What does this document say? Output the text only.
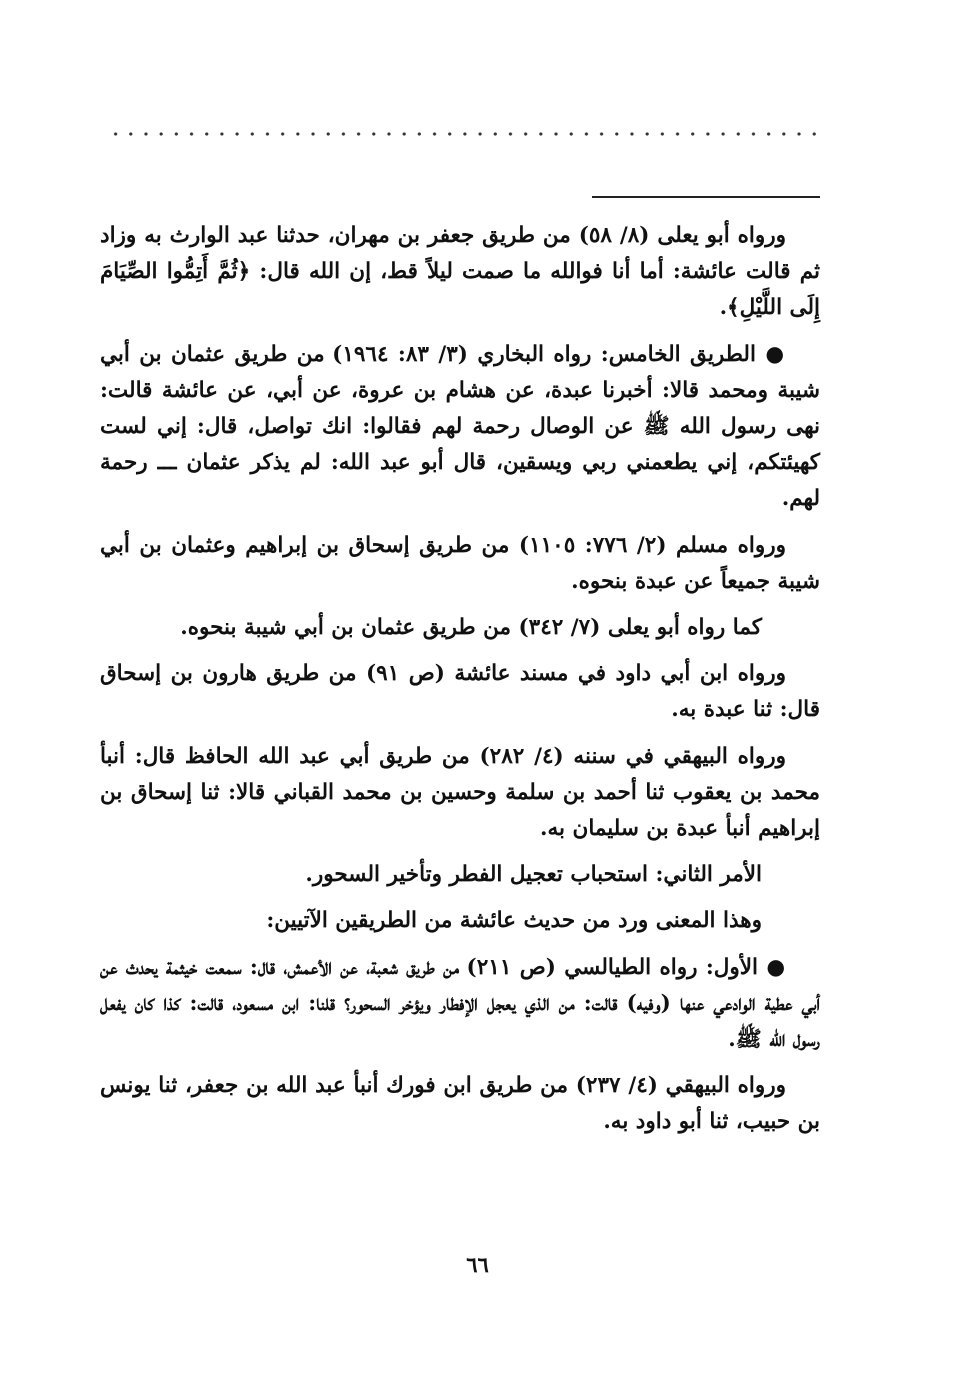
ورواه أبو يعلى (٨/ ٥٨) من طريق جعفر بن مهران، حدثنا عبد الوارث به وزاد ثم قالت عائشة: أما أنا فوالله ما صمت ليلاً قط، إن الله قال: ﴿ثُمَّ أَتِمُّوا الصِّيَامَ إِلَى اللَّيْلِ﴾.

● الطريق الخامس: رواه البخاري (٣/ ٨٣: ١٩٦٤) من طريق عثمان بن أبي شيبة ومحمد قالا: أخبرنا عبدة، عن هشام بن عروة، عن أبي، عن عائشة قالت: نهى رسول الله ﷺ عن الوصال رحمة لهم فقالوا: انك تواصل، قال: إني لست كهيئتكم، إني يطعمني ربي ويسقين، قال أبو عبد الله: لم يذكر عثمان ـــ رحمة لهم.

ورواه مسلم (٢/ ٧٧٦: ١١٠٥) من طريق إسحاق بن إبراهيم وعثمان بن أبي شيبة جميعاً عن عبدة بنحوه.

كما رواه أبو يعلى (٧/ ٣٤٢) من طريق عثمان بن أبي شيبة بنحوه.

ورواه ابن أبي داود في مسند عائشة (ص ٩١) من طريق هارون بن إسحاق قال: ثنا عبدة به.

ورواه البيهقي في سننه (٤/ ٢٨٢) من طريق أبي عبد الله الحافظ قال: أنبأ محمد بن يعقوب ثنا أحمد بن سلمة وحسين بن محمد القباني قالا: ثنا إسحاق بن إبراهيم أنبأ عبدة بن سليمان به.

الأمر الثاني: استحباب تعجيل الفطر وتأخير السحور.

وهذا المعنى ورد من حديث عائشة من الطريقين الآتيين:

● الأول: رواه الطيالسي (ص ٢١١) من طريق شعبة، عن الأعمش، قال: سمعت خيثمة يحدث عن أبي عطية الوادعي عنها (وفيه) قالت: من الذي يعجل الإفطار ويؤخر السحور؟ قلنا: ابن مسعود، قالت: كذا كان يفعل رسول الله ﷺ.

ورواه البيهقي (٤/ ٢٣٧) من طريق ابن فورك أنبأ عبد الله بن جعفر، ثنا يونس بن حبيب، ثنا أبو داود به.

٦٦
